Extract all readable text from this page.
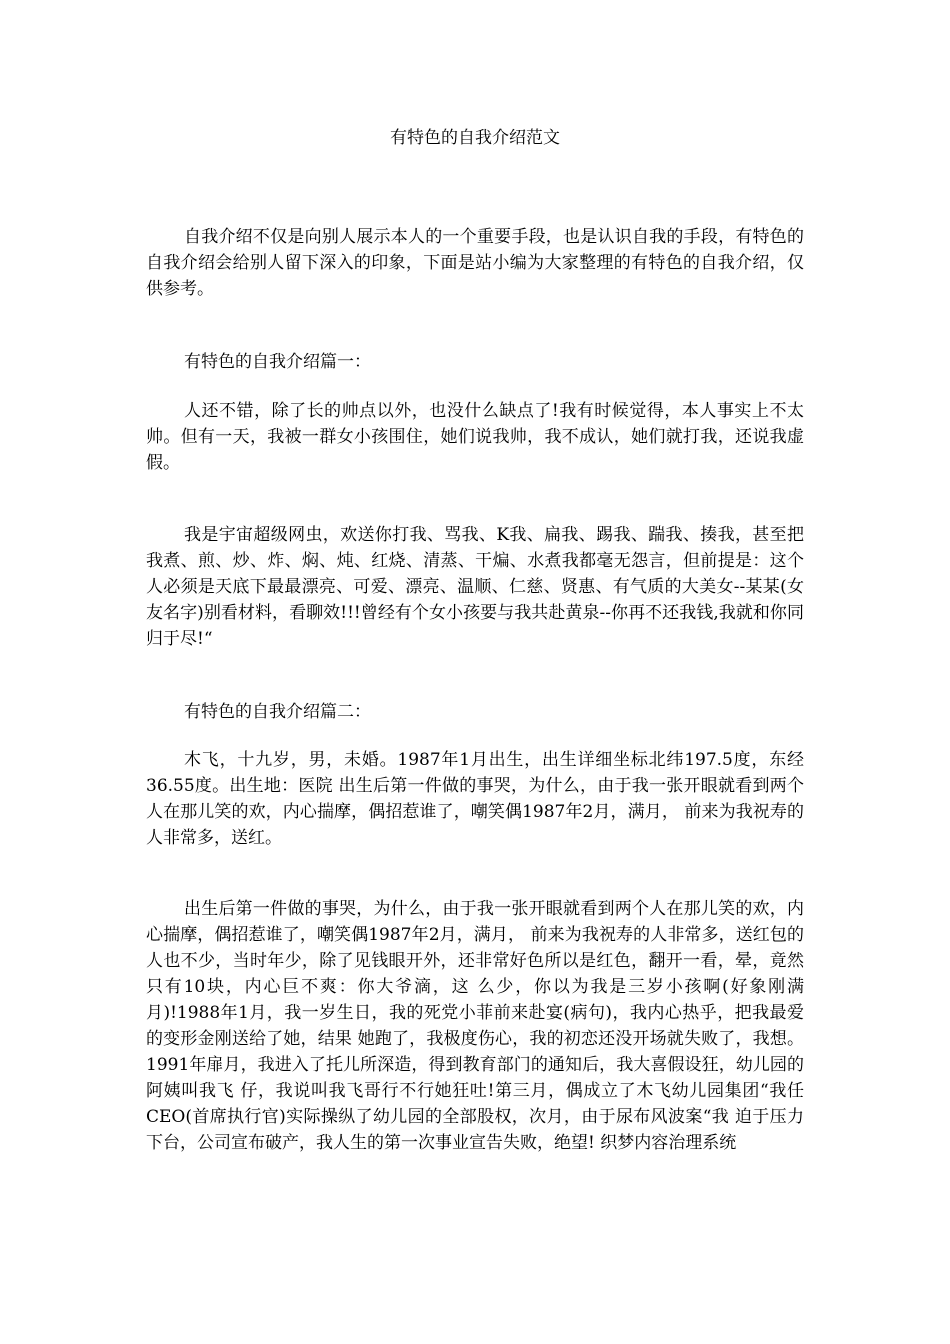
有特色的自我介绍范文

自我介绍不仅是向别人展示本人的一个重要手段，也是认识自我的手段，有特色的自我介绍会给别人留下深入的印象，下面是站小编为大家整理的有特色的自我介绍，仅供参考。

有特色的自我介绍篇一：

人还不错，除了长的帅点以外，也没什么缺点了!我有时候觉得，本人事实上不太帅。但有一天，我被一群女小孩围住，她们说我帅，我不成认，她们就打我，还说我虚假。

我是宇宙超级网虫，欢送你打我、骂我、K我、扁我、踢我、踹我、揍我，甚至把我煮、煎、炒、炸、焖、炖、红烧、清蒸、干煸、水煮我都毫无怨言，但前提是：这个人必须是天底下最最漂亮、可爱、漂亮、温顺、仁慈、贤惠、有气质的大美女--某某(女友名字)别看材料，看聊效!!!曾经有个女小孩要与我共赴黄泉--你再不还我钱,我就和你同归于尽!“

有特色的自我介绍篇二：

木飞，十九岁，男，未婚。1987年1月出生，出生详细坐标北纬197.5度，东经36.55度。出生地：医院 出生后第一件做的事哭，为什么，由于我一张开眼就看到两个人在那儿笑的欢，内心揣摩，偶招惹谁了，嘲笑偶1987年2月，满月， 前来为我祝寿的人非常多，送红。

出生后第一件做的事哭，为什么，由于我一张开眼就看到两个人在那儿笑的欢，内心揣摩，偶招惹谁了，嘲笑偶1987年2月，满月， 前来为我祝寿的人非常多，送红包的人也不少，当时年少，除了见钱眼开外，还非常好色所以是红色，翻开一看，晕，竟然只有10块，内心巨不爽：你大爷滴，这 么少，你以为我是三岁小孩啊(好象刚满月)!1988年1月，我一岁生日，我的死党小菲前来赴宴(病句)，我内心热乎，把我最爱的变形金刚送给了她，结果 她跑了，我极度伤心，我的初恋还没开场就失败了，我想。1991年扉月，我进入了托儿所深造，得到教育部门的通知后，我大喜假设狂，幼儿园的阿姨叫我飞 仔，我说叫我飞哥行不行她狂吐!第三月，偶成立了木飞幼儿园集团“我任CEO(首席执行官)实际操纵了幼儿园的全部股权，次月，由于尿布风波案“我 迫于压力下台，公司宣布破产，我人生的第一次事业宣告失败，绝望! 织梦内容治理系统
